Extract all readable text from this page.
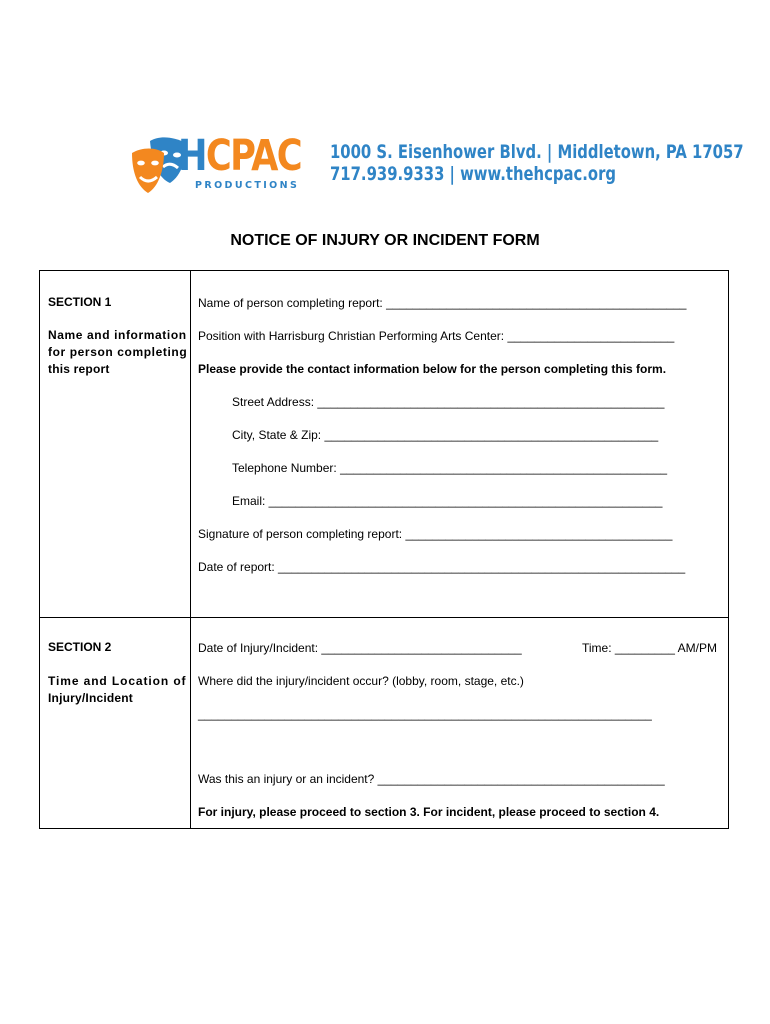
HCPAC
PRODUCTIONS
1000 S. Eisenhower Blvd. | Middletown, PA 17057
717.939.9333 | www.thehcpac.org
NOTICE OF INJURY OR INCIDENT FORM
SECTION 1
Name and information
for person completing
this report
Name of person completing report: _____________________________________________
Position with Harrisburg Christian Performing Arts Center: _________________________
Please provide the contact information below for the person completing this form.
Street Address: ____________________________________________________
City, State & Zip: __________________________________________________
Telephone Number: _________________________________________________
Email: ___________________________________________________________
Signature of person completing report: ________________________________________
Date of report: _____________________________________________________________
SECTION 2
Time and Location of
Injury/Incident
Date of Injury/Incident: ______________________________	Time: _________ AM/PM
Where did the injury/incident occur? (lobby, room, stage, etc.)
____________________________________________________________________
Was this an injury or an incident? ___________________________________________
For injury, please proceed to section 3. For incident, please proceed to section 4.
